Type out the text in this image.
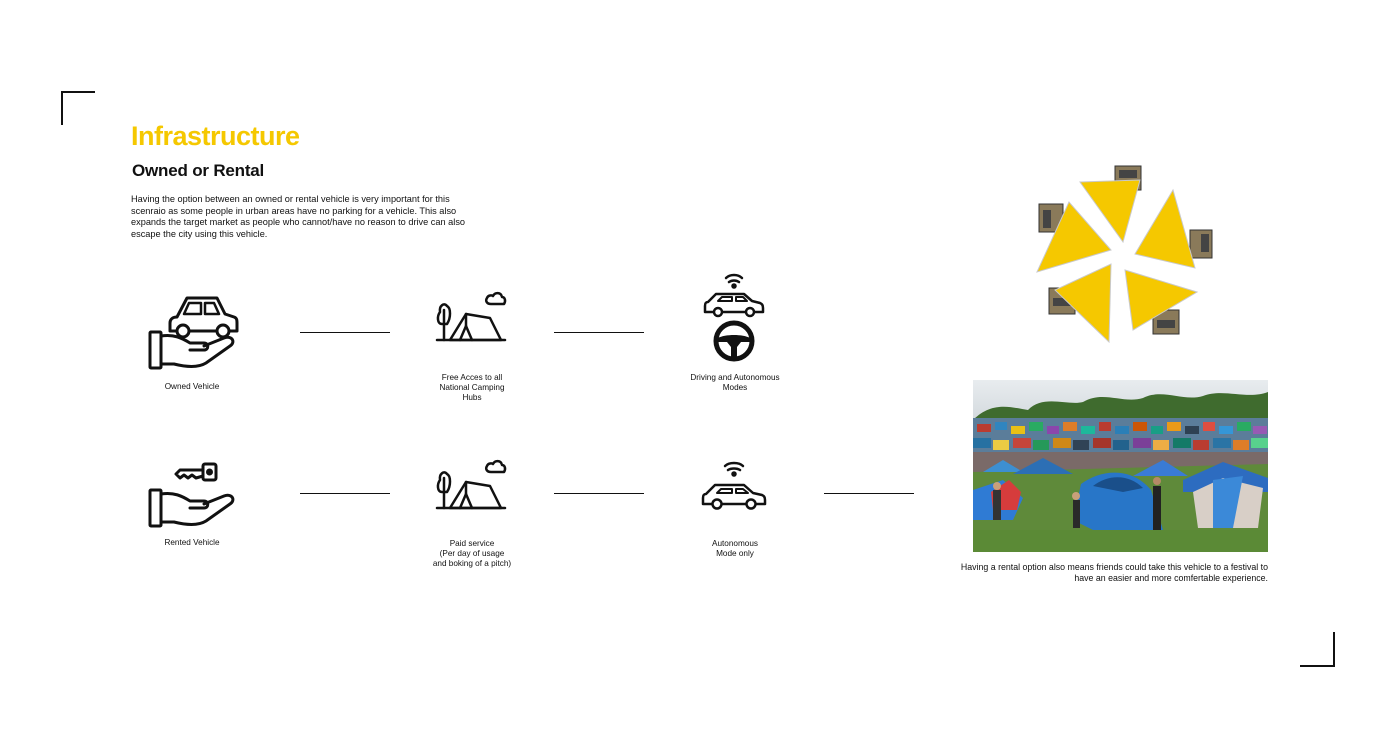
Infrastructure
Owned or Rental

Having the option between an owned or rental vehicle is very important for this scenraio as some people in urban areas have no parking for a vehicle. This also expands the target market as people who cannot/have no reason to drive can also escape the city using this vehicle.

Owned Vehicle

Free Acces to all
National Camping
Hubs

Driving and Autonomous
Modes

Rented Vehicle	Paid service
(Per day of usage
and boking of a pitch)

Autonomous
Mode only

Having a rental option also means friends could take this vehicle to a festival to have an easier and more comfertable experience.
